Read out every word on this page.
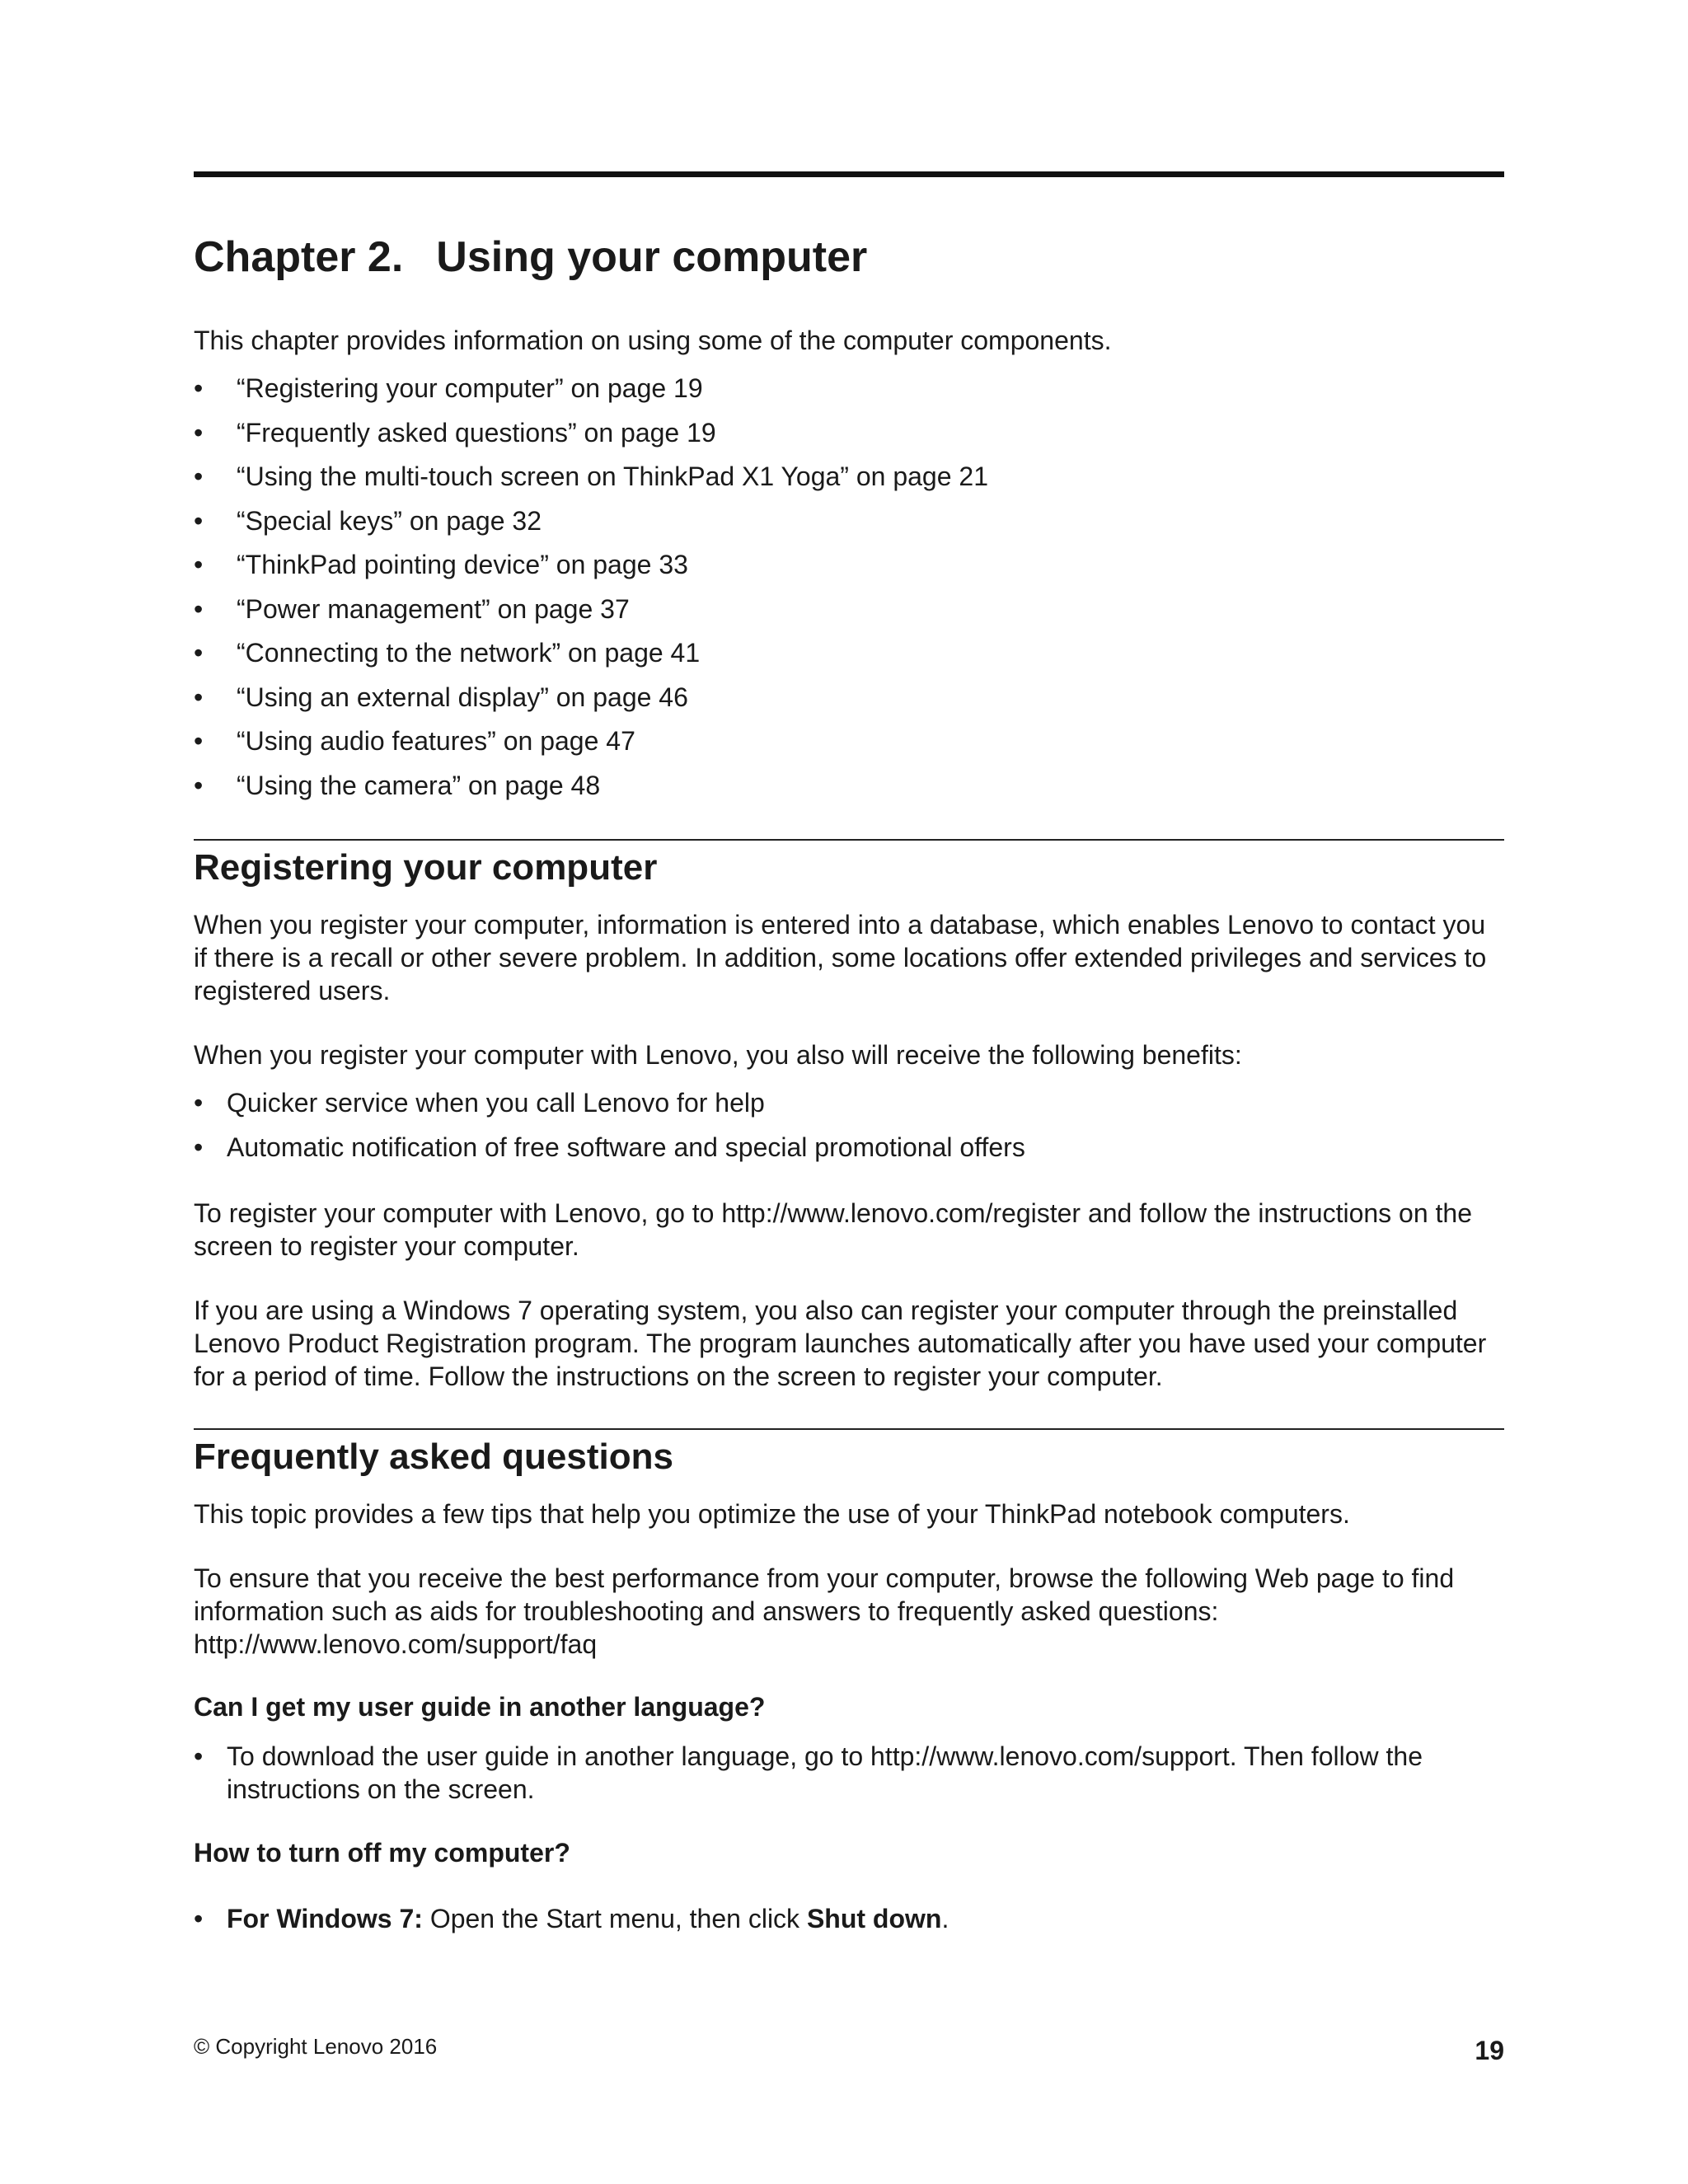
Chapter 2. Using your computer

This chapter provides information on using some of the computer components.

• “Registering your computer” on page 19
• “Frequently asked questions” on page 19
• “Using the multi-touch screen on ThinkPad X1 Yoga” on page 21
• “Special keys” on page 32
• “ThinkPad pointing device” on page 33
• “Power management” on page 37
• “Connecting to the network” on page 41
• “Using an external display” on page 46
• “Using audio features” on page 47
• “Using the camera” on page 48
Registering your computer

When you register your computer, information is entered into a database, which enables Lenovo to contact you if there is a recall or other severe problem. In addition, some locations offer extended privileges and services to registered users.

When you register your computer with Lenovo, you also will receive the following benefits:

• Quicker service when you call Lenovo for help
• Automatic notification of free software and special promotional offers

To register your computer with Lenovo, go to http://www.lenovo.com/register and follow the instructions on the screen to register your computer.

If you are using a Windows 7 operating system, you also can register your computer through the preinstalled Lenovo Product Registration program. The program launches automatically after you have used your computer for a period of time. Follow the instructions on the screen to register your computer.

Frequently asked questions

This topic provides a few tips that help you optimize the use of your ThinkPad notebook computers.

To ensure that you receive the best performance from your computer, browse the following Web page to find information such as aids for troubleshooting and answers to frequently asked questions:
http://www.lenovo.com/support/faq

Can I get my user guide in another language?
• To download the user guide in another language, go to http://www.lenovo.com/support. Then follow the instructions on the screen.
How to turn off my computer?
• For Windows 7: Open the Start menu, then click Shut down.
© Copyright Lenovo 2016	19
